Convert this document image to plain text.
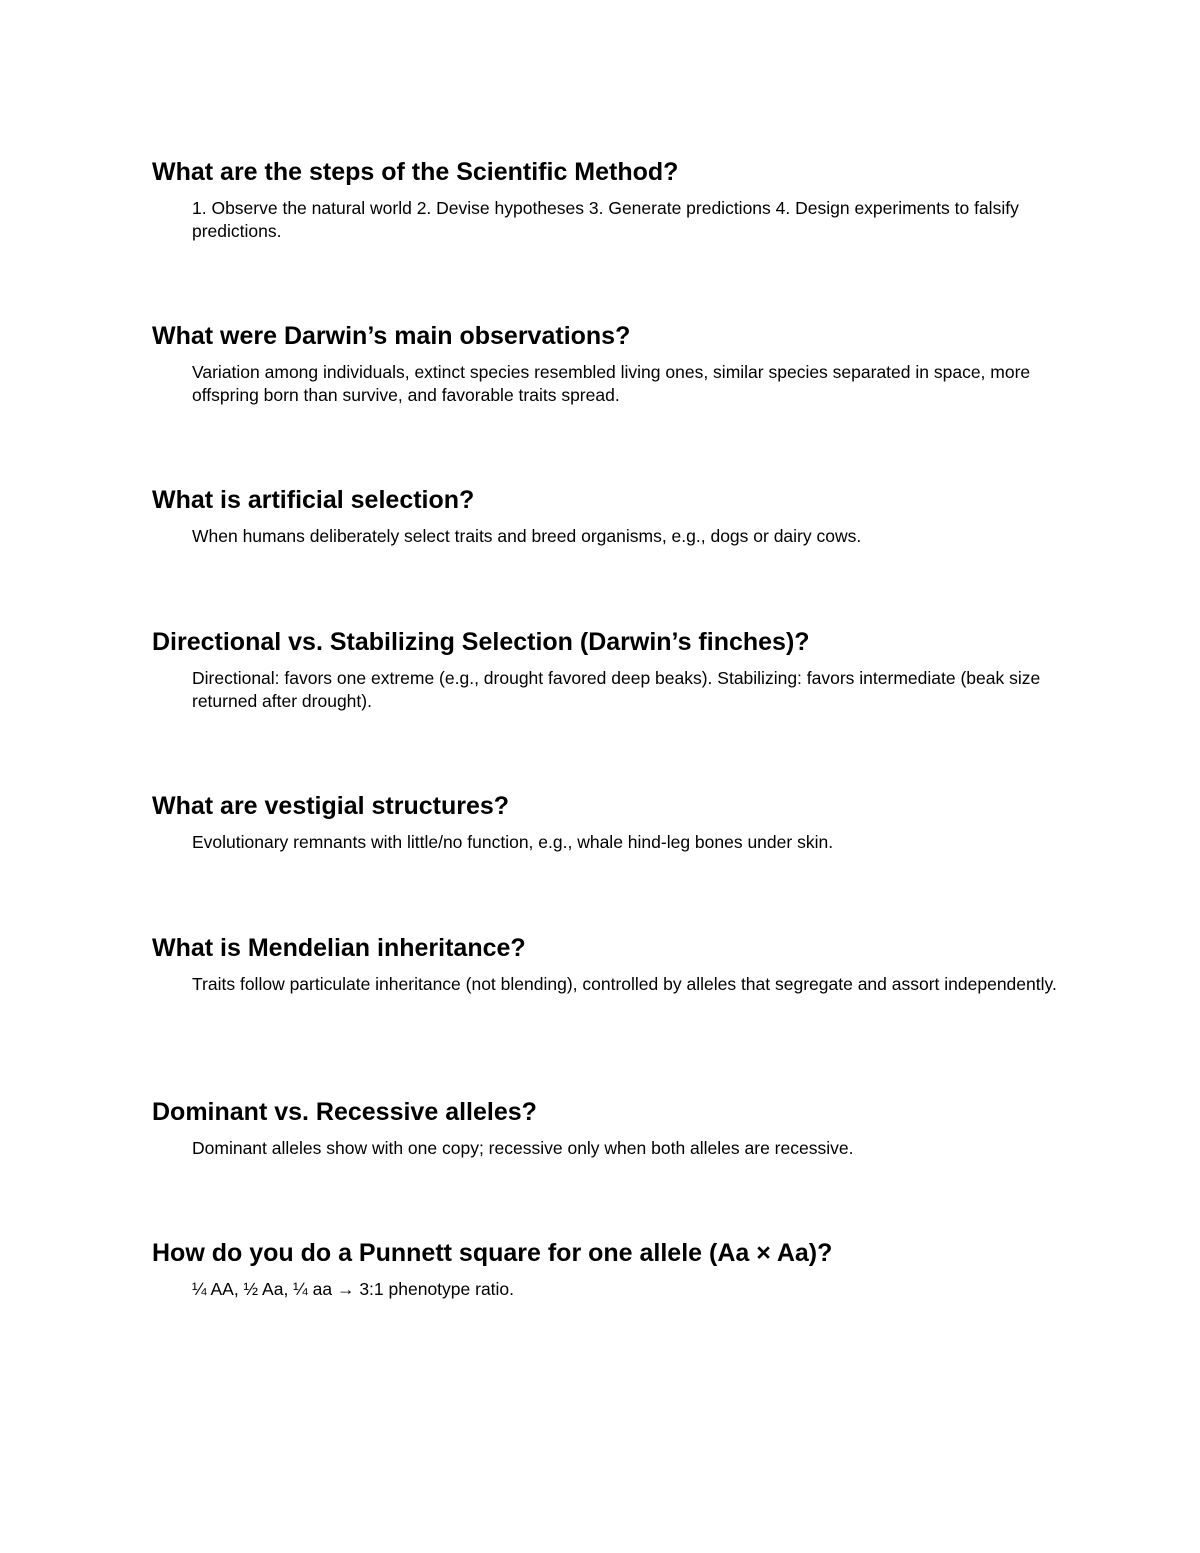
What are the steps of the Scientific Method?

1. Observe the natural world 2. Devise hypotheses 3. Generate predictions 4. Design experiments to falsify predictions.

What were Darwin’s main observations?

Variation among individuals, extinct species resembled living ones, similar species separated in space, more offspring born than survive, and favorable traits spread.

What is artificial selection?

When humans deliberately select traits and breed organisms, e.g., dogs or dairy cows.

Directional vs. Stabilizing Selection (Darwin’s finches)?

Directional: favors one extreme (e.g., drought favored deep beaks). Stabilizing: favors intermediate (beak size returned after drought).

What are vestigial structures?

Evolutionary remnants with little/no function, e.g., whale hind-leg bones under skin.

What is Mendelian inheritance?

Traits follow particulate inheritance (not blending), controlled by alleles that segregate and assort independently.

Dominant vs. Recessive alleles?

Dominant alleles show with one copy; recessive only when both alleles are recessive.

How do you do a Punnett square for one allele (Aa × Aa)?

¼ AA, ½ Aa, ¼ aa → 3:1 phenotype ratio.
